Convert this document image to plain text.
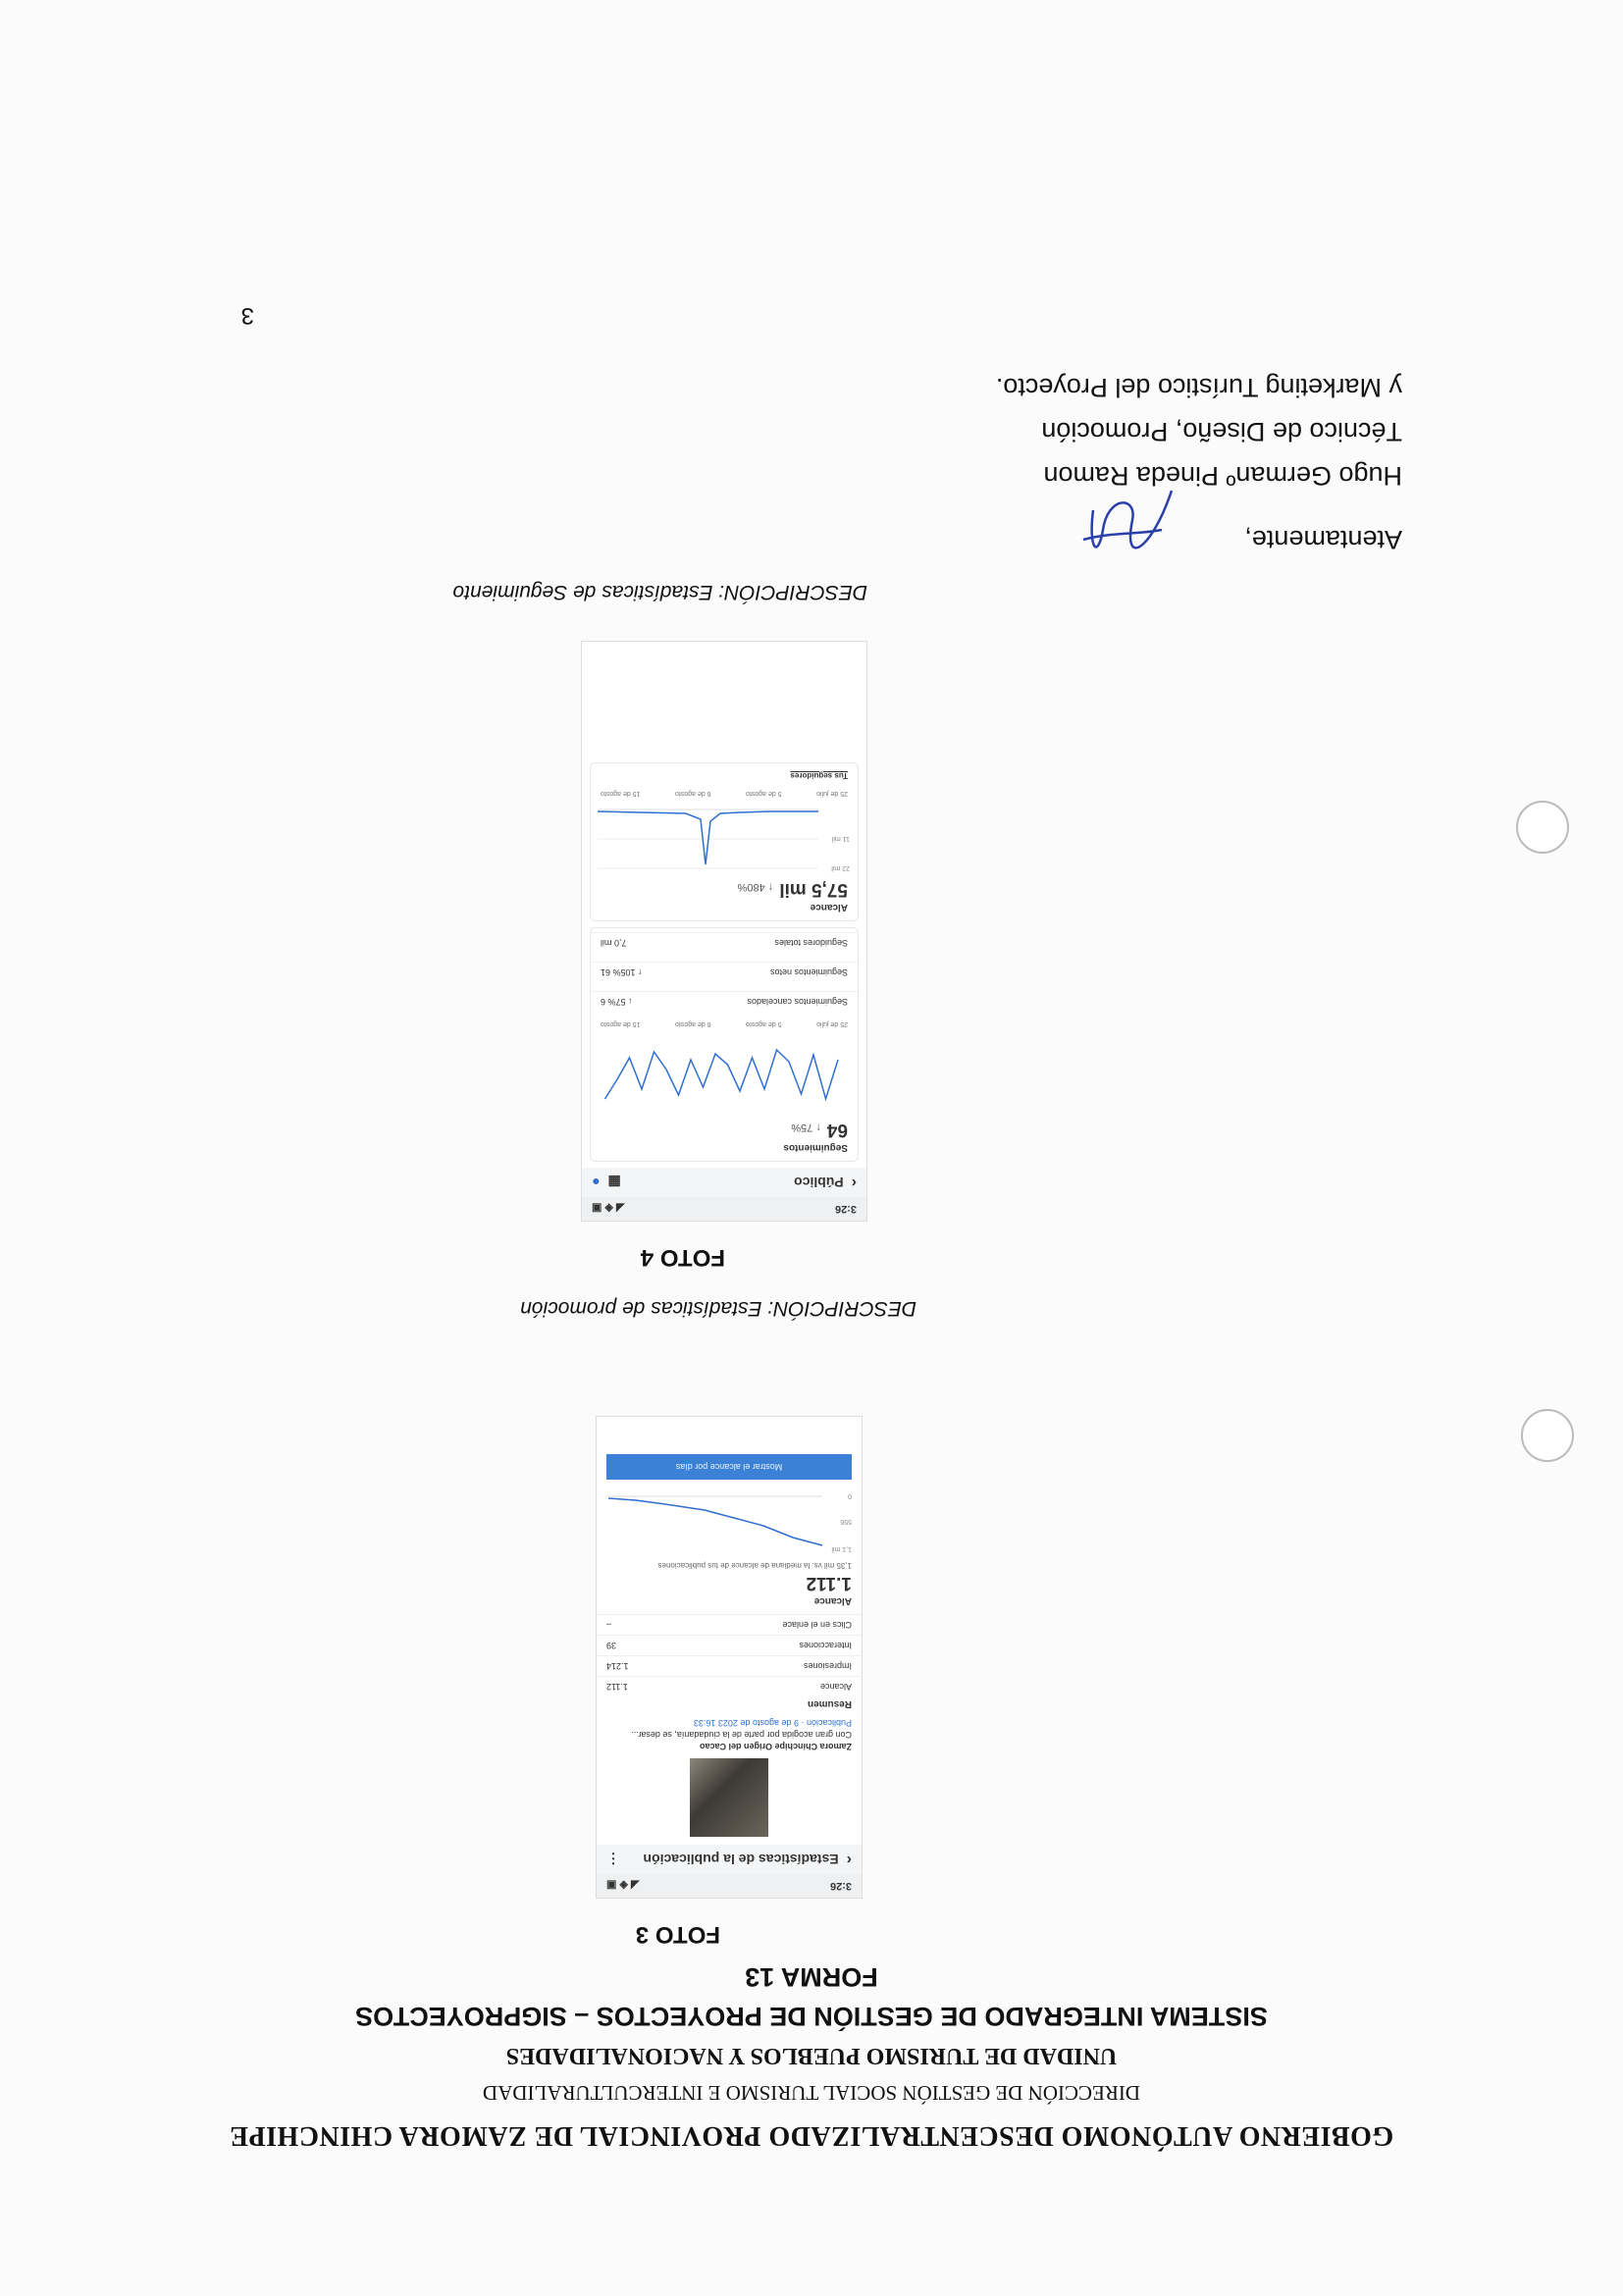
GOBIERNO AUTÓNOMO DESCENTRALIZADO PROVINCIAL DE ZAMORA CHINCHIPE
DIRECCIÓN DE GESTIÓN SOCIAL TURISMO E INTERCULTURALIDAD
UNIDAD DE TURISMO PUEBLOS Y NACIONALIDADES
SISTEMA INTEGRADO DE GESTIÓN DE PROYECTOS – SIGPROYECTOS
FORMA 13
FOTO 3
3:26
◢ ◈ ▣
‹
Estadísticas de la publicación
⋮
Zamora Chinchipe Origen del Cacao
Con gran acogida por parte de la ciudadanía, se desar...
Publicación · 9 de agosto de 2023 16:33
Resumen
Alcance
1.112
Impresiones
1.214
Interacciones
39
Clics en el enlace
–
Alcance
1.112
1,35 mil vs. la mediana de alcance de tus publicaciones
1,1 mil
556
0
Mostrar el alcance por días
DESCRIPCIÓN: Estadísticas de promoción
FOTO 4
3:26
◢ ◈ ▣
‹
Público
▦
●
Seguimientos
64↑ 75%
25 de julio
5 de agosto
6 de agosto
15 de agosto
Seguimientos cancelados
↓ 57% 6
Seguimientos netos
↑ 105% 61
Seguidores totales
7,0 mil
Alcance
57,5 mil↑ 480%
22 mil
11 mil
25 de julio
5 de agosto
6 de agosto
15 de agosto
Tus seguidores
DESCRIPCIÓN: Estadísticas de Seguimiento
Atentamente,
Hugo Germanº Pineda Ramon
Técnico de Diseño, Promoción
y Marketing Turístico del Proyecto.
3
